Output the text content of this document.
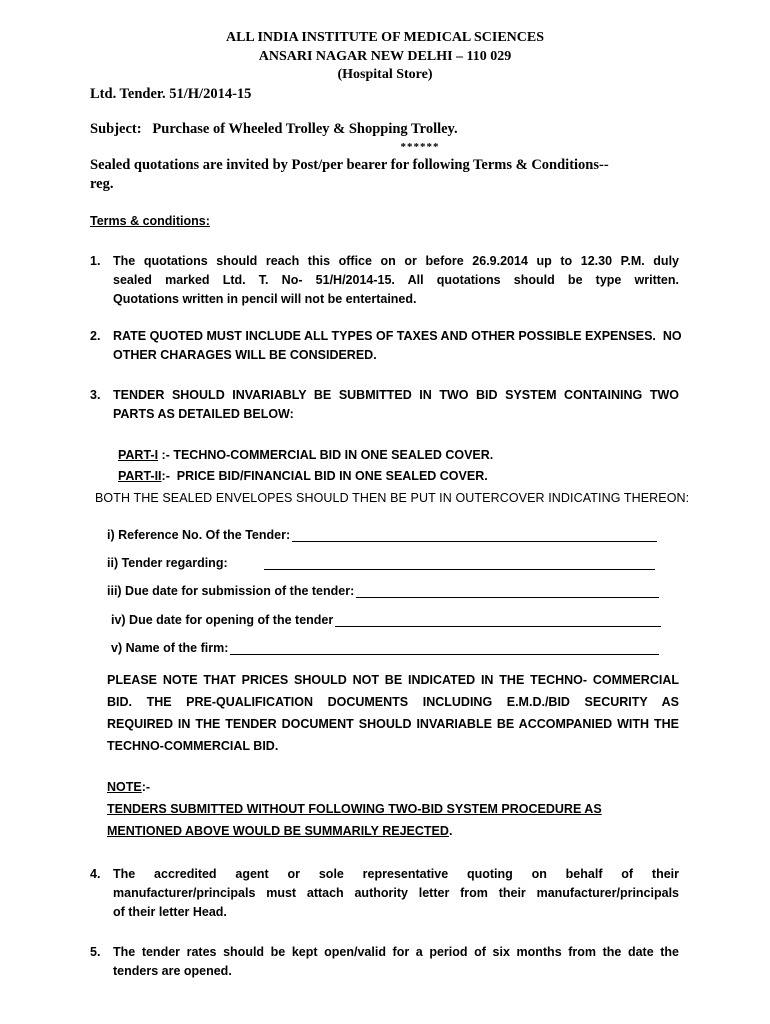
ALL INDIA INSTITUTE OF MEDICAL SCIENCES
ANSARI NAGAR NEW DELHI – 110 029
(Hospital Store)
Ltd. Tender. 51/H/2014-15
Subject:   Purchase of Wheeled Trolley & Shopping Trolley.
******
Sealed quotations are invited by Post/per bearer for following Terms & Conditions--
reg.
Terms & conditions:
1. The quotations should reach this office on or before 26.9.2014 up to 12.30 P.M. duly
sealed marked Ltd. T. No- 51/H/2014-15. All quotations should be type written.
Quotations written in pencil will not be entertained.
2. RATE QUOTED MUST INCLUDE ALL TYPES OF TAXES AND OTHER POSSIBLE EXPENSES.  NO
OTHER CHARAGES WILL BE CONSIDERED.
3. TENDER SHOULD INVARIABLY BE SUBMITTED IN TWO BID SYSTEM CONTAINING TWO
PARTS AS DETAILED BELOW:
PART-I :- TECHNO-COMMERCIAL BID IN ONE SEALED COVER.
PART-II:-  PRICE BID/FINANCIAL BID IN ONE SEALED COVER.
BOTH THE SEALED ENVELOPES SHOULD THEN BE PUT IN OUTERCOVER INDICATING THEREON:
i) Reference No. Of the Tender:
ii) Tender regarding:
iii) Due date for submission of the tender:
iv) Due date for opening of the tender
v) Name of the firm:
PLEASE NOTE THAT PRICES SHOULD NOT BE INDICATED IN THE TECHNO- COMMERCIAL
BID. THE PRE-QUALIFICATION DOCUMENTS INCLUDING E.M.D./BID SECURITY AS
REQUIRED IN THE TENDER DOCUMENT SHOULD INVARIABLE BE ACCOMPANIED WITH THE
TECHNO-COMMERCIAL BID.
NOTE:-
TENDERS SUBMITTED WITHOUT FOLLOWING TWO-BID SYSTEM PROCEDURE AS
MENTIONED ABOVE WOULD BE SUMMARILY REJECTED.
4. The accredited agent or sole representative quoting on behalf of their
manufacturer/principals must attach authority letter from their manufacturer/principals
of their letter Head.
5. The tender rates should be kept open/valid for a period of six months from the date the
tenders are opened.
